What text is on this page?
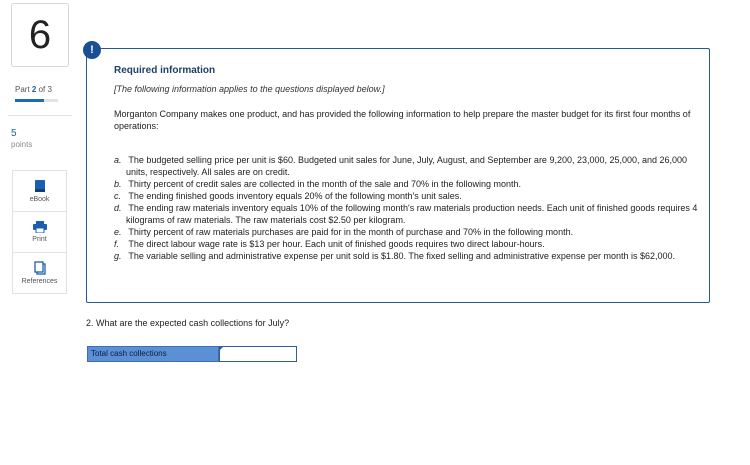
6
Part 2 of 3
5
points
eBook
Print
References
!
Required information
[The following information applies to the questions displayed below.]
Morganton Company makes one product, and has provided the following information to help prepare the master budget for its first four months of operations:
a. The budgeted selling price per unit is $60. Budgeted unit sales for June, July, August, and September are 9,200, 23,000, 25,000, and 26,000 units, respectively. All sales are on credit.
b. Thirty percent of credit sales are collected in the month of the sale and 70% in the following month.
c. The ending finished goods inventory equals 20% of the following month's unit sales.
d. The ending raw materials inventory equals 10% of the following month's raw materials production needs. Each unit of finished goods requires 4 kilograms of raw materials. The raw materials cost $2.50 per kilogram.
e. Thirty percent of raw materials purchases are paid for in the month of purchase and 70% in the following month.
f. The direct labour wage rate is $13 per hour. Each unit of finished goods requires two direct labour-hours.
g. The variable selling and administrative expense per unit sold is $1.80. The fixed selling and administrative expense per month is $62,000.
2. What are the expected cash collections for July?
Total cash collections
